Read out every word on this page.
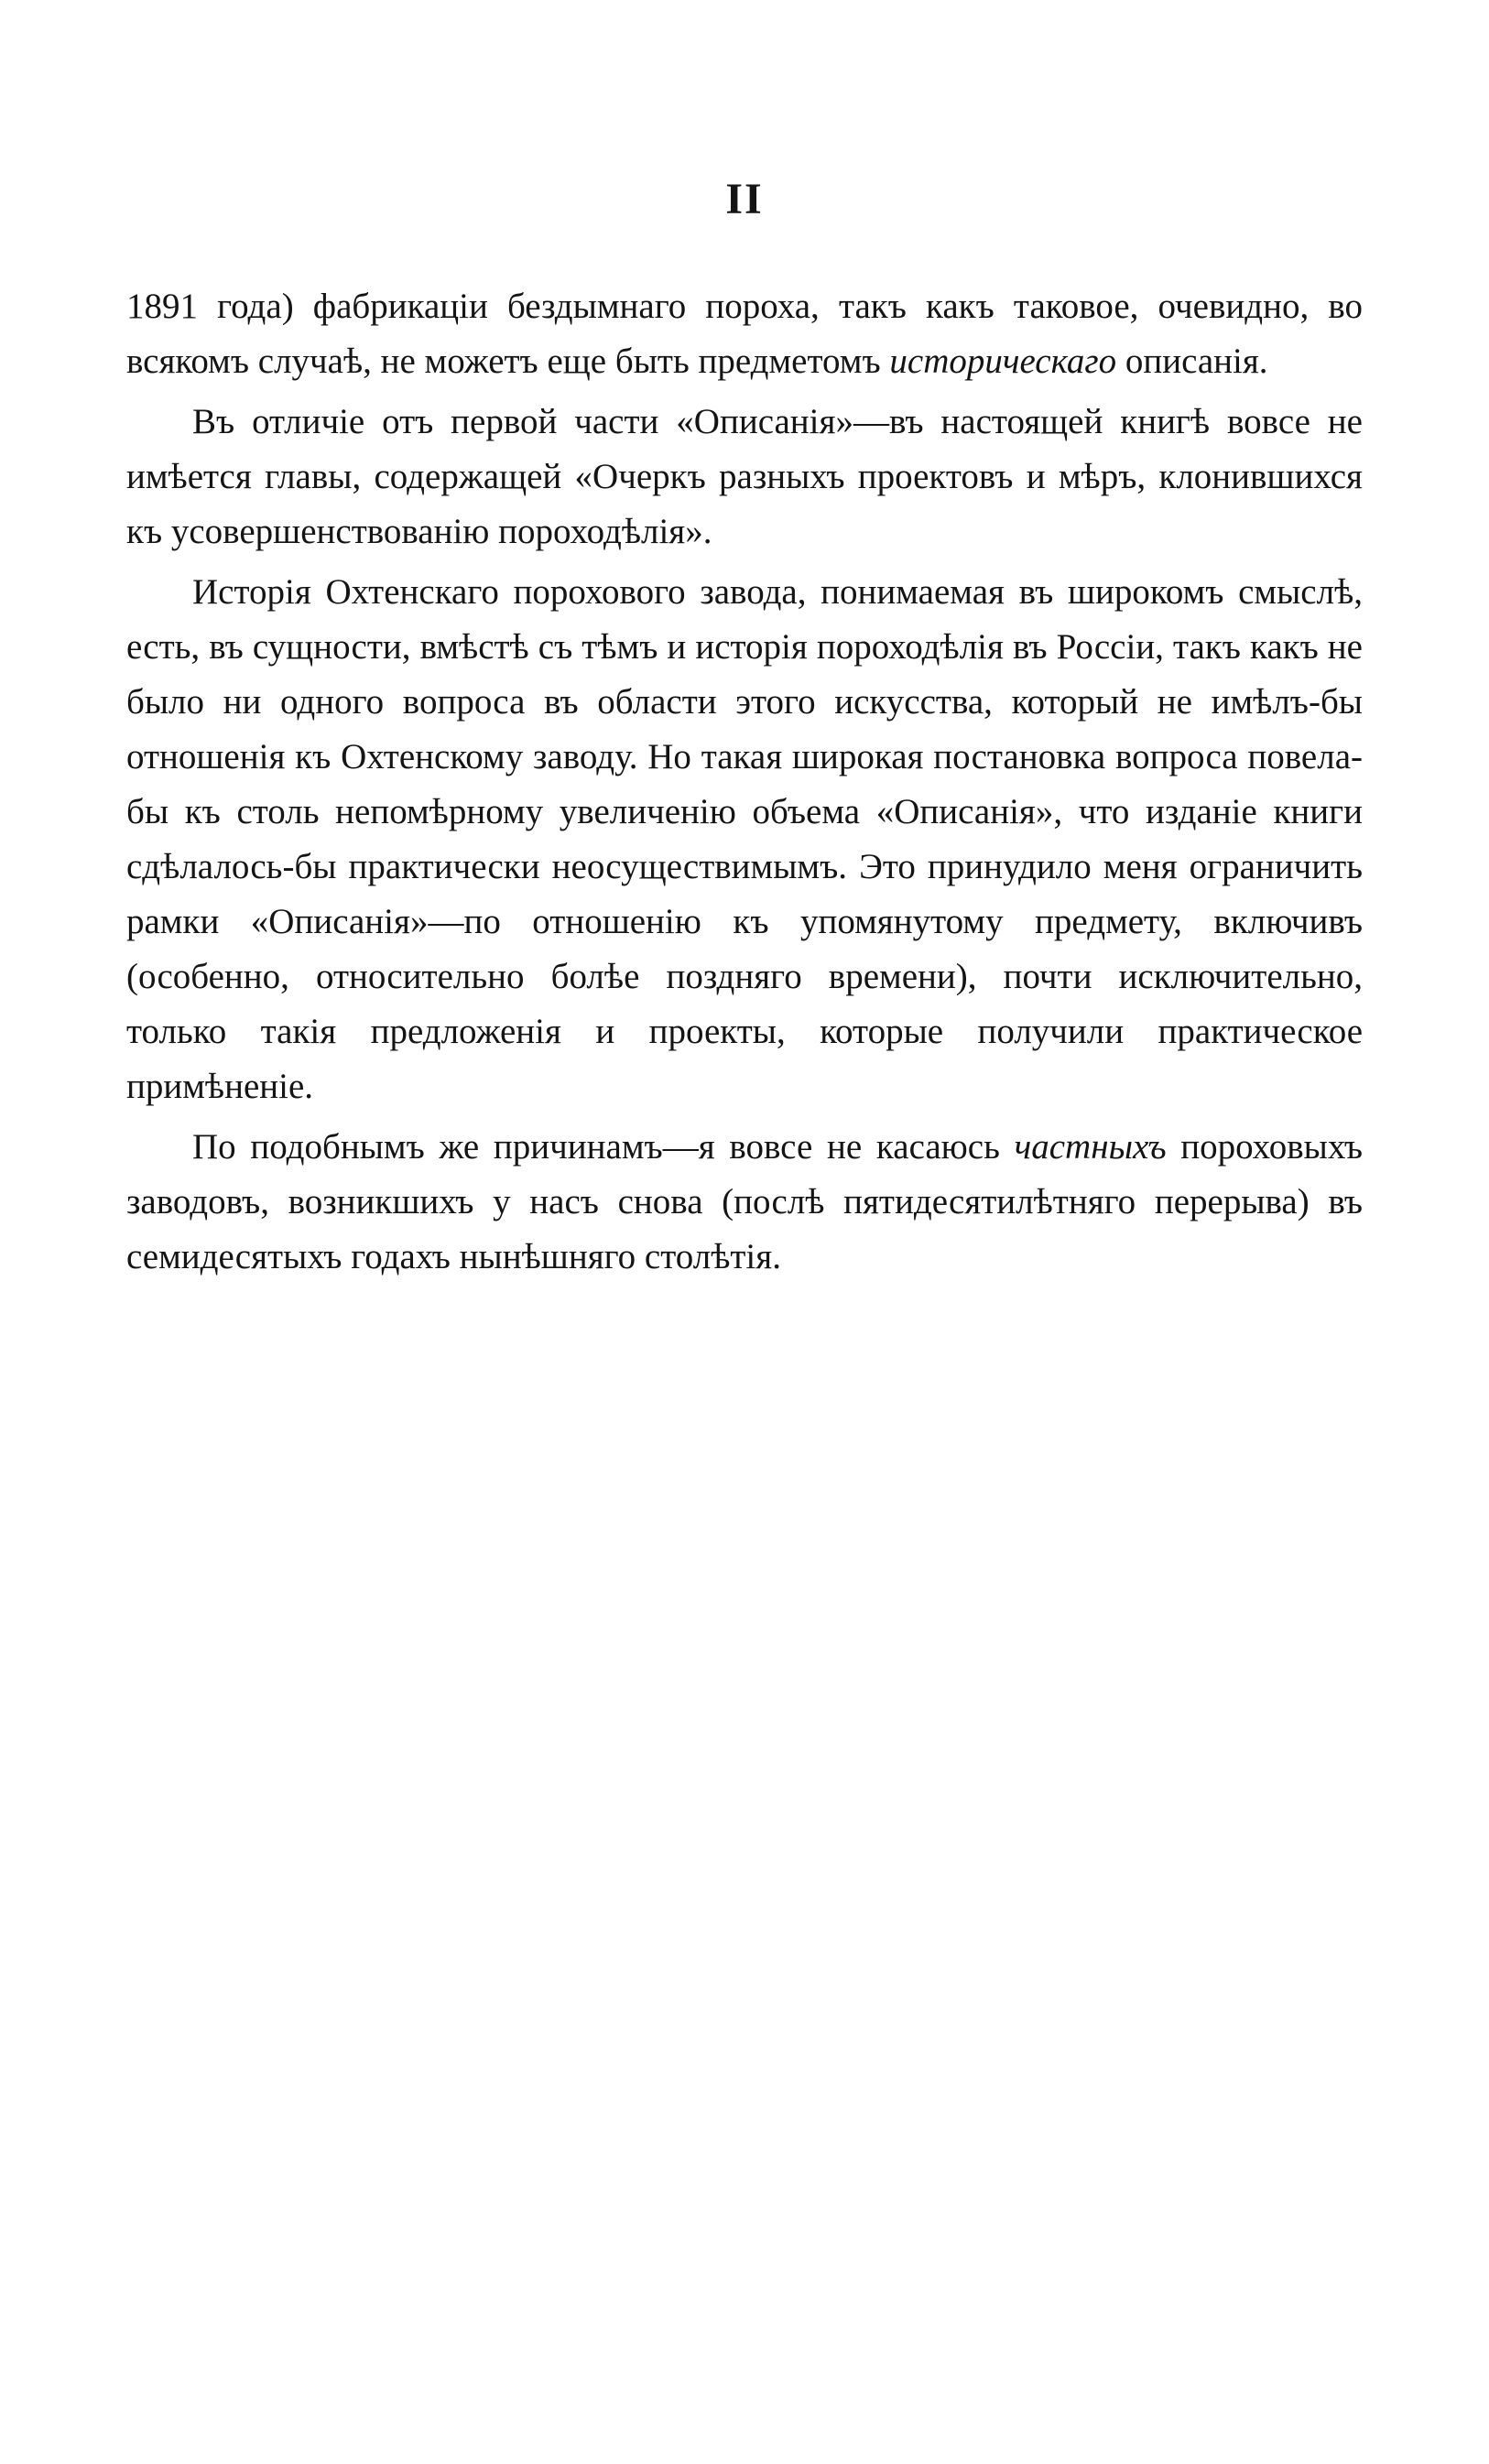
II

1891 года) фабрикаціи бездымнаго пороха, такъ какъ таковое, очевидно, во всякомъ случаѣ, не можетъ еще быть предметомъ историческаго описанія.

Въ отличіе отъ первой части «Описанія»—въ настоящей книгѣ вовсе не имѣется главы, содержащей «Очеркъ разныхъ проектовъ и мѣръ, клонившихся къ усовершенствованію пороходѣлія».

Исторія Охтенскаго порохового завода, понимаемая въ широкомъ смыслѣ, есть, въ сущности, вмѣстѣ съ тѣмъ и исторія пороходѣлія въ Россіи, такъ какъ не было ни одного вопроса въ области этого искусства, который не имѣлъ-бы отношенія къ Охтенскому заводу. Но такая широкая постановка вопроса повела-бы къ столь непомѣрному увеличенію объема «Описанія», что изданіе книги сдѣлалось-бы практически неосуществимымъ. Это принудило меня ограничить рамки «Описанія»—по отношенію къ упомянутому предмету, включивъ (особенно, относительно болѣе поздняго времени), почти исключительно, только такія предложенія и проекты, которые получили практическое примѣненіе.

По подобнымъ же причинамъ—я вовсе не касаюсь частныхъ пороховыхъ заводовъ, возникшихъ у насъ снова (послѣ пятидесятилѣтняго перерыва) въ семидесятыхъ годахъ нынѣшняго столѣтія.
